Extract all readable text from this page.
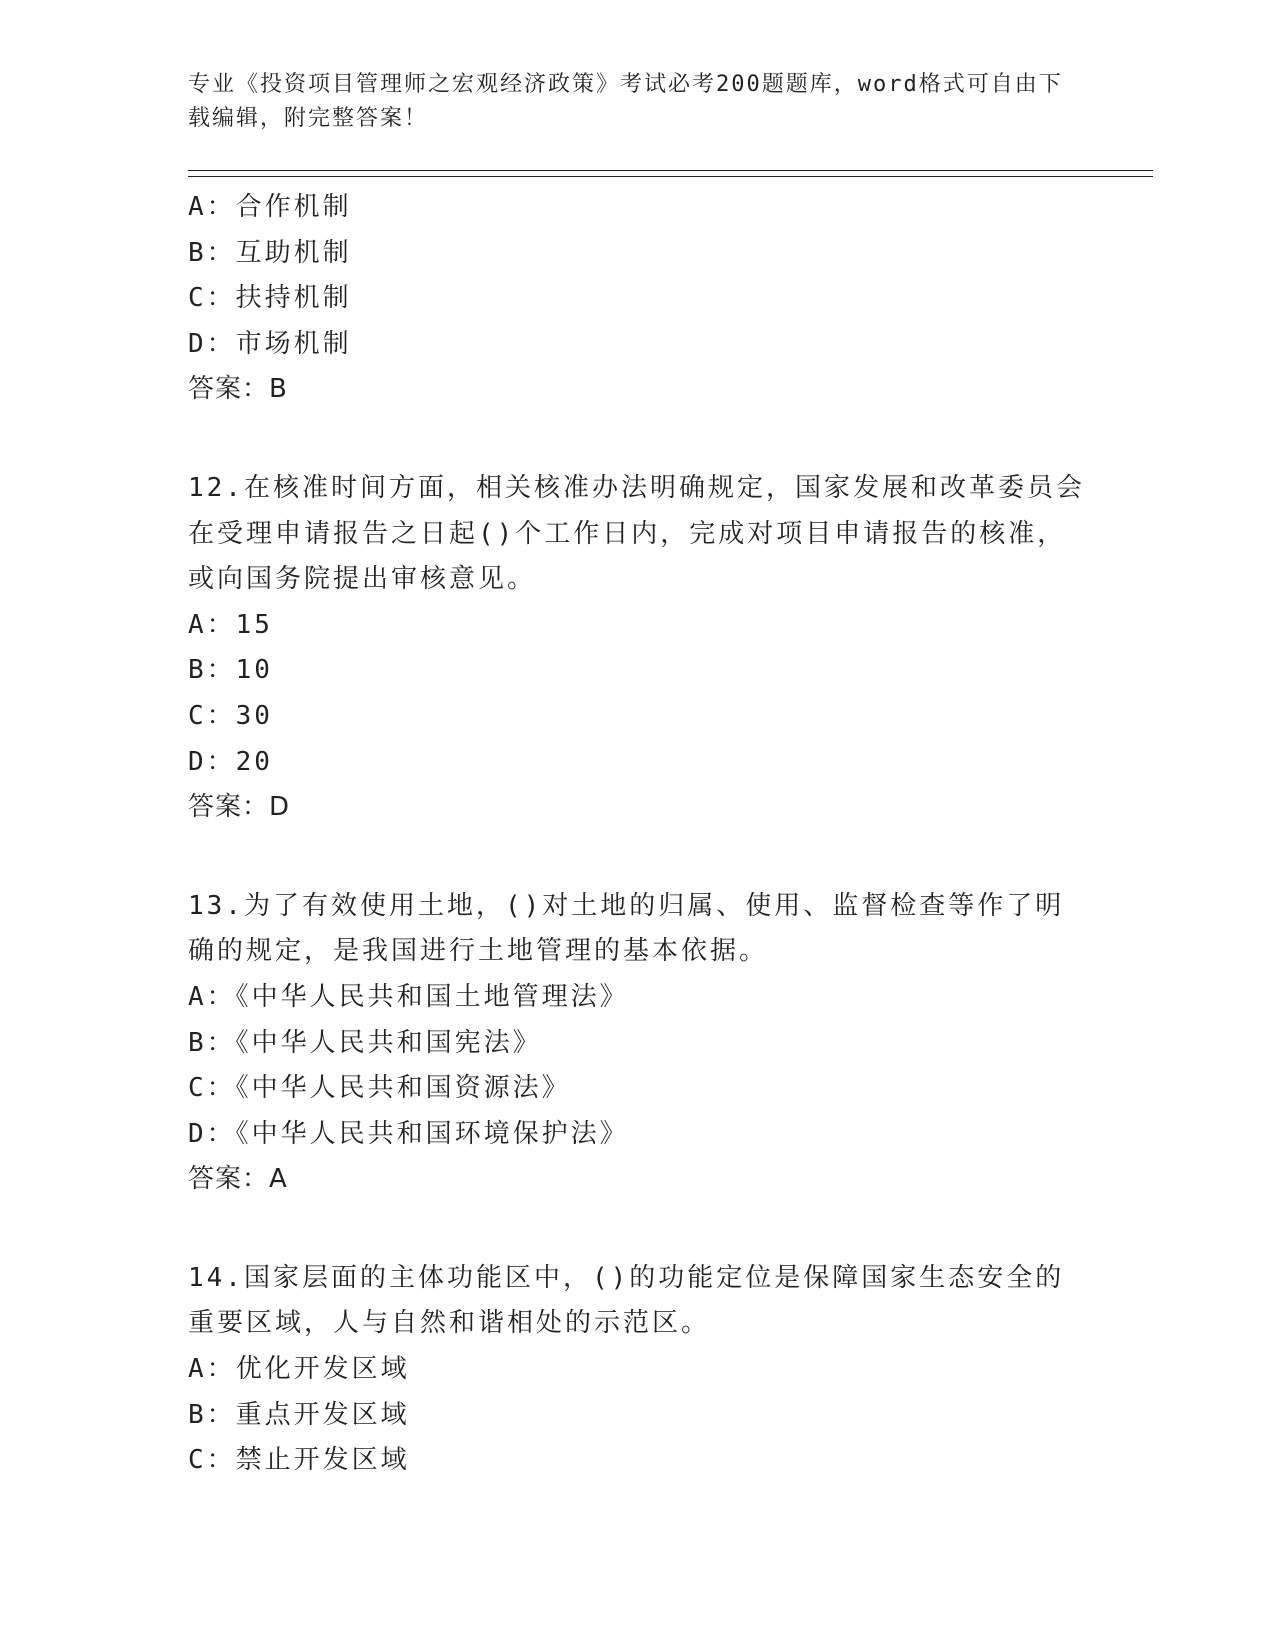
专业《投资项目管理师之宏观经济政策》考试必考200题题库，word格式可自由下载编辑，附完整答案！
A：合作机制
B：互助机制
C：扶持机制
D：市场机制
答案：B
12.在核准时间方面，相关核准办法明确规定，国家发展和改革委员会在受理申请报告之日起()个工作日内，完成对项目申请报告的核准，或向国务院提出审核意见。
A：15
B：10
C：30
D：20
答案：D
13.为了有效使用土地，()对土地的归属、使用、监督检查等作了明确的规定，是我国进行土地管理的基本依据。
A：《中华人民共和国土地管理法》
B：《中华人民共和国宪法》
C：《中华人民共和国资源法》
D：《中华人民共和国环境保护法》
答案：A
14.国家层面的主体功能区中，()的功能定位是保障国家生态安全的重要区域，人与自然和谐相处的示范区。
A：优化开发区域
B：重点开发区域
C：禁止开发区域
